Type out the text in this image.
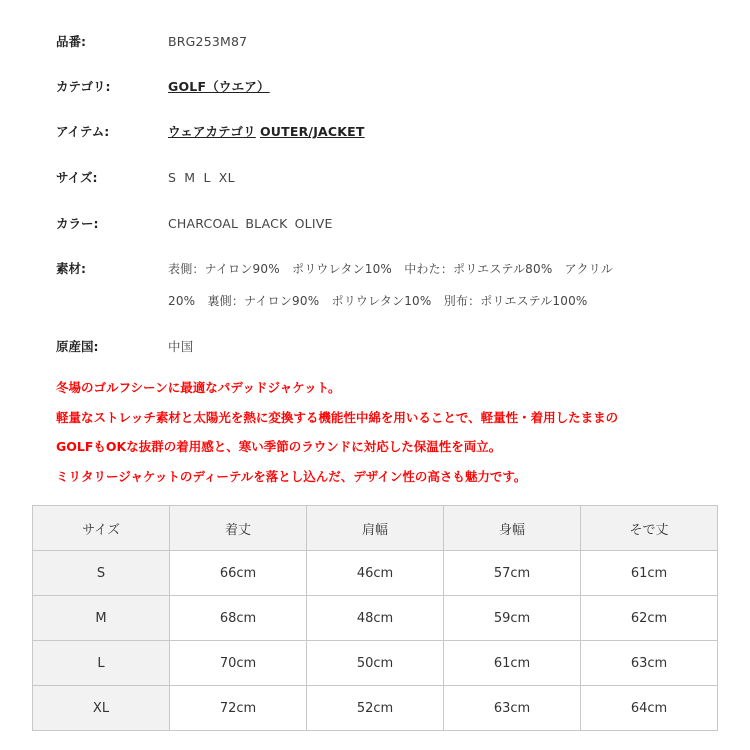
品番:	BRG253M87
カテゴリ:	GOLF（ウエア）
アイテム:	ウェアカテゴリ OUTER/JACKET
サイズ:	S M L XL
カラー:	CHARCOAL BLACK OLIVE
素材:	表側：ナイロン90%　ポリウレタン10%　中わた：ポリエステル80%　アクリル
20%　裏側：ナイロン90%　ポリウレタン10%　別布：ポリエステル100%
原産国:	中国
冬場のゴルフシーンに最適なパデッドジャケット。
軽量なストレッチ素材と太陽光を熱に変換する機能性中綿を用いることで、軽量性・着用したままの
GOLFもOKな抜群の着用感と、寒い季節のラウンドに対応した保温性を両立。
ミリタリージャケットのディーテルを落とし込んだ、デザイン性の高さも魅力です。
サイズ	着丈	肩幅	身幅	そで丈
S	66cm	46cm	57cm	61cm
M	68cm	48cm	59cm	62cm
L	70cm	50cm	61cm	63cm
XL	72cm	52cm	63cm	64cm
